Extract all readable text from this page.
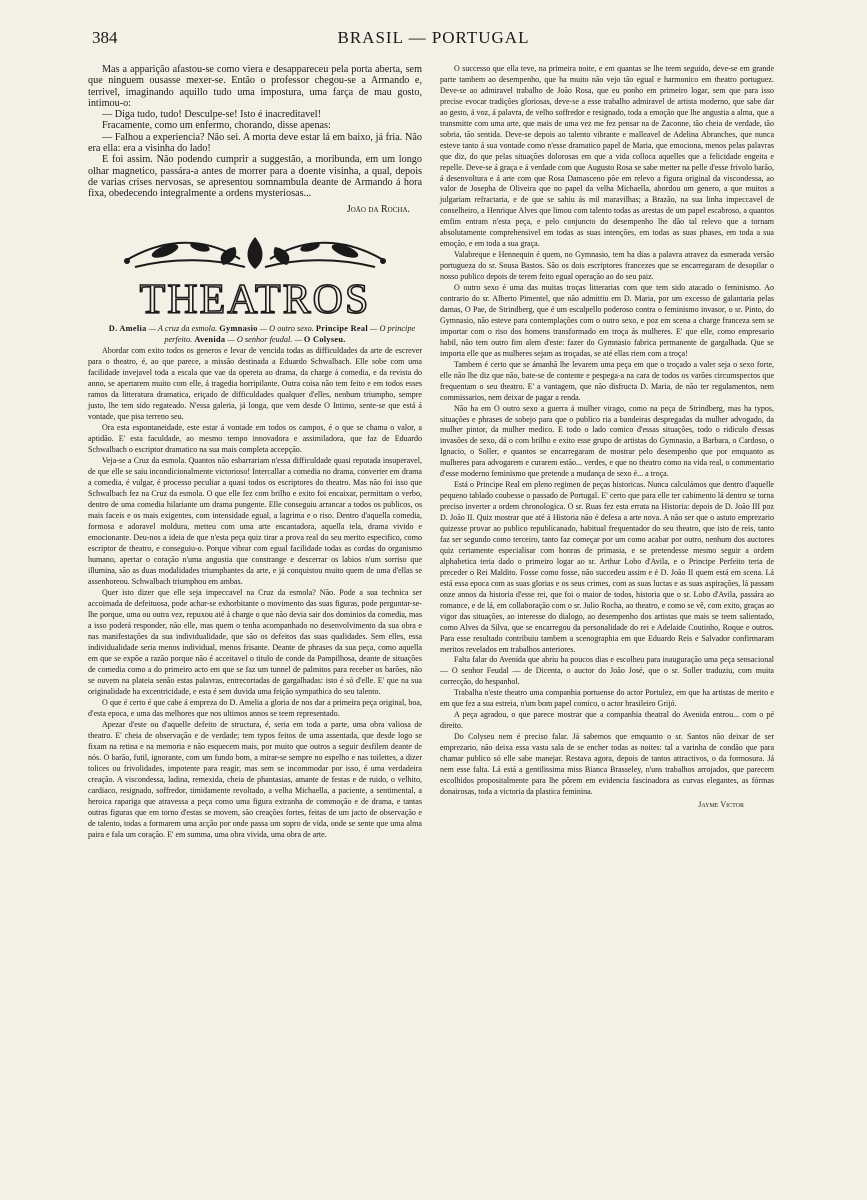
384	BRASIL — PORTUGAL

Mas a apparição afastou-se como viera e desappareceu pela porta aberta, sem que ninguem ousasse mexer-se. Então o professor chegou-se a Armando e, terrivel, imaginando aquillo tudo uma impostura, uma farça de mau gosto, intimou-o:

— Diga tudo, tudo! Desculpe-se! Isto é inacreditavel!

Fracamente, como um enfermo, chorando, disse apenas:

— Falhou a experiencia? Não sei. A morta deve estar lá em baixo, já fria. Não era ella: era a visinha do lado!

E foi assim. Não podendo cumprir a suggestão, a moribunda, em um longo olhar magnetico, passára-a antes de morrer para a doente visinha, a qual, depois de varias crises nervosas, se apresentou somnambula deante de Armando á hora fixa, obedecendo integralmente a ordens mysteriosas...

João da Rocha.
THEATROS

D. Amelia — A cruz da esmola. Gymnasio — O outro sexo. Principe Real — O principe perfeito. Avenida — O senhor feudal. — O Colyseu.

Abordar com exito todos os generos e levar de vencida todas as difficuldades da arte de escrever para o theatro, é, ao que parece, a missão destinada a Eduardo Schwalbach. Elle sobe com uma facilidade invejavel toda a escala que vae da opereta ao drama, da charge á comedia, e da revista do anno, se apertarem muito com elle, á tragedia horripilante. Outra coisa não tem feito e em todos esses ramos da litteratura dramatica, eriçado de difficuldades qualquer d'elles, nenhum triumpho, sempre justo, lhe tem sido regateado. N'essa galeria, já longa, que vem desde O Intimo, sente-se que está á vontade, que pisa terreno seu.

Ora esta espontaneidade, este estar á vontade em todos os campos, é o que se chama o valor, a aptidão. E' esta faculdade, ao mesmo tempo innovadora e assimiladora, que faz de Eduardo Schwalbach o escriptor dramatico na sua mais completa accepção.

Veja-se a Cruz da esmola. Quantos não esbarrariam n'essa difficuldade quasi reputada insuperavel, de que elle se saiu incondicionalmente victorioso! Intercallar a comedia no drama, converter em drama a comedia, é vulgar, é processo peculiar a quasi todos os escriptores do theatro. Mas não foi isso que Schwalbach fez na Cruz da esmola. O que elle fez com brilho e exito foi encaixar, permittam o verbo, dentro de uma comedia hilariante um drama pungente. Elle conseguiu arrancar a todos os publicos, os mais faceis e os mais exigentes, com intensidade egual, a lagrima e o riso. Dentro d'aquella comedia, formosa e adoravel moldura, metteu com uma arte encantadora, aquella tela, drama vivido e emocionante. Deu-nos a ideia de que n'esta peça quiz tirar a prova real do seu merito especifico, como escriptor de theatro, e conseguiu-o. Porque vibrar com egual facilidade todas as cordas do organismo humano, apertar o coração n'uma angustia que constrange e descerrar os labios n'um sorriso que illumina, são as duas modalidades triumphantes da arte, e já conquistou muito quem de uma d'ellas se assenhoreou. Schwalbach triumphou em ambas.

Quer isto dizer que elle seja impeccavel na Cruz da esmola? Não. Pode a sua technica ser accoimada de defeituosa, pode achar-se exhorbitante o movimento das suas figuras, pode perguntar-se-lhe porque, uma ou outra vez, repuxou até á charge o que não devia sair dos dominios da comedia, mas a isso poderá responder, não elle, mas quem o tenha acompanhado no desenvolvimento da sua obra e nas manifestações da sua individualidade, que são os defeitos das suas qualidades. Sem elles, essa individualidade seria menos individual, menos frisante. Deante de phrases da sua peça, como aquella em que se expõe a razão porque não é acceitavel o titulo de conde da Pampilhosa, deante de situações de comedia como a do primeiro acto em que se faz um tunnel de palmitos para receber os barões, não se ouvem na plateia senão estas palavras, entrecortadas de gargalhadas: isto é só d'elle. E' que na sua originalidade ha excentricidade, e esta é sem duvida uma feição sympathica do seu talento.

O que é certo é que cabe á empreza do D. Amelia a gloria de nos dar a primeira peça original, boa, d'esta epoca, e uma das melhores que nos ultimos annos se teem representado.

Apezar d'este ou d'aquelle defeito de structura, é, seria em toda a parte, uma obra valiosa de theatro. E' cheia de observação e de verdade; tem typos feitos de uma assentada, que desde logo se fixam na retina e na memoria e não esquecem mais, por muito que outros a seguir desfilem deante de nós. O barão, futil, ignorante, com um fundo bom, a mirar-se sempre no espelho e nas toilettes, a dizer tolices ou frivolidades, impotente para reagir, mas sem se incommodar por isso, é uma verdadeira creação. A viscondessa, ladina, remexida, cheia de phantasias, amante de festas e de ruido, o velhito, cardiaco, resignado, soffredor, timidamente revoltado, a velha Michaella, a paciente, a sentimental, a heroica rapariga que atravessa a peça como uma figura extranha de commoção e de drama, e tantas outras figuras que em torno d'estas se movem, são creações fortes, feitas de um jacto de observação e de talento, todas a formarem uma acção por onde passa um sopro de vida, onde se sente que uma alma paira e fala um coração. E' em summa, uma obra vivida, uma obra de arte.

O successo que ella teve, na primeira noite, e em quantas se lhe teem seguido, deve-se em grande parte tambem ao desempenho, que ha muito não vejo tão egual e harmonico em theatro portuguez. Deve-se ao admiravel trabalho de João Rosa, que eu ponho em primeiro logar, sem que para isso precise evocar tradições gloriosas, deve-se a esse trabalho admiravel de artista moderno, que sabe dar ao gesto, á voz, á palavra, de velho soffredor e resignado, toda a emoção que lhe angustia a alma, que a transmitte com uma arte, que mais de uma vez me fez pensar na de Zaconne, tão cheia de verdade, tão sobria, tão sentida. Deve-se depois ao talento vibrante e malleavel de Adelina Abranches, que nunca esteve tanto á sua vontade como n'esse dramatico papel de Maria, que emociona, menos pelas palavras que diz, do que pelas situações dolorosas em que a vida colloca aquelles que a felicidade engeita e repelle. Deve-se á graça e á verdade com que Augusto Rosa se sabe metter na pelle d'esse frivolo barão, á desenvoltura e á arte com que Rosa Damasceno põe em relevo a figura original da viscondessa, ao valor de Josepha de Oliveira que no papel da velha Michaella, abordou um genero, a que muitos a julgariam refractaria, e de que se sahiu ás mil maravilhas; a Brazão, na sua linha impeccavel de conselheiro, a Henrique Alves que limou com talento todas as arestas de um papel escabroso, a quantos emfim entram n'esta peça, e pelo conjuncto do desempenho lhe dão tal relevo que a tornam absolutamente comprehensivel em todas as suas intenções, em todas as suas phases, em toda a sua emoção, e em toda a sua graça.

Valabreque e Hennequin é quem, no Gymnasio, tem ha dias a palavra atravez da esmerada versão portugueza do sr. Sousa Bastos. São os dois escriptores francezes que se encarregaram de desopilar o nosso publico depois de terem feito egual operação ao do seu paiz.

O outro sexo é uma das muitas troças litterarias com que tem sido atacado o feminismo. Ao contrario do sr. Alberto Pimentel, que não admittiu em D. Maria, por um excesso de galantaria pelas damas, O Pae, de Strindberg, que é um escalpello poderoso contra o feminismo invasor, o sr. Pinto, do Gymnasio, não esteve para contemplações com o outro sexo, e poz em scena a charge franceza sem se importar com o riso dos homens transformado em troça ás mulheres. E' que elle, como empresario habil, não tem outro fim alem d'este: fazer do Gymnasio fabrica permanente de gargalhada. Que se importa elle que as mulheres sejam as troçadas, se até ellas riem com a troça!

Tambem é certo que se ámanhã lhe levarem uma peça em que o troçado a valer seja o sexo forte, elle não lhe diz que não, bate-se de contente e pespega-a na cara de todos os varões circumspectos que frequentam o seu theatro. E' a vantagem, que não disfructa D. Maria, de não ter regulamentos, nem commissarios, nem deixar de pagar a renda.

Não ha em O outro sexo a guerra á mulher virago, como na peça de Strindberg, mas ha typos, situações e phrases de sobejo para que o publico ria a bandeiras despregadas da mulher advogado, da mulher pintor, da mulher medico. E todo o lado comico d'essas situações, todo o ridiculo d'essas invasões de sexo, dá o com brilho e exito esse grupo de artistas do Gymnasio, a Barbara, o Cardoso, o Ignacio, o Soller, e quantos se encarregaram de mostrar pelo desempenho que por emquanto as mulheres para advogarem e curarem estão... verdes, e que no theatro como na vida real, o commentario d'esse moderno feminismo que pretende a mudança de sexo é... a troça.

Está o Principe Real em pleno regimen de peças historicas. Nunca calculámos que dentro d'aquelle pequeno tablado coubesse o passado de Portugal. E' certo que para elle ter cabimento lá dentro se torna preciso inverter a ordem chronologica. O sr. Ruas fez esta errata na Historia: depois de D. João III poz D. João II. Quiz mostrar que até á Historia não é defesa a arte nova. A não ser que o astuto emprezario quizesse provar ao publico republicanado, habitual frequentador do seu theatro, que isto de reis, tanto faz ser segundo como terceiro, tanto faz começar por um como acabar por outro, nenhum dos auctores quiz certamente especialisar com honras de primasia, e se pretendesse mesmo seguir a ordem alphabetica teria dado o primeiro logar ao sr. Arthur Lobo d'Avila, e o Principe Perfeito teria de preceder o Rei Maldito. Fosse como fosse, não succedeu assim e é D. João II quem está em scena. Lá está essa epoca com as suas glorias e os seus crimes, com as suas luctas e as suas aspirações, lá passam onze annos da historia d'esse rei, que foi o maior de todos, historia que o sr. Lobo d'Avila, passára ao romance, e de lá, em collaboração com o sr. Julio Rocha, ao theatro, e como se vê, com exito, graças ao vigor das situações, ao interesse do dialogo, ao desempenho dos artistas que mais se teem salientado, como Alves da Silva, que se encarregou da personalidade do rei e Adelaide Coutinho, Roque e outros. Para esse resultado contribuiu tambem a scenographia em que Eduardo Reis e Salvador confirmaram meritos revelados em trabalhos anteriores.

Falta falar do Avenida que abriu ha poucos dias e escolheu para inauguração uma peça sensacional — O senhor Feudal — de Dicenta, o auctor do João José, que o sr. Soller traduziu, com muita correcção, do hespanhol.

Trabalha n'este theatro uma companhia portuense do actor Portulez, em que ha artistas de merito e em que fez a sua estreia, n'um bom papel comico, o actor brasileiro Grijó.

A peça agradou, o que parece mostrar que a companhia theatral do Avenida entrou... com o pé direito.

Do Colyseu nem é preciso falar. Já sabemos que emquanto o sr. Santos não deixar de ser emprezario, não deixa essa vasta sala de se encher todas as noites: tal a varinha de condão que para chamar publico só elle sabe manejar. Restava agora, depois de tantos attractivos, o da formosura. Já nem esse falta. Lá está a gentilissima miss Bianca Brasseley, n'uns trabalhos arrojados, que parecem escolhidos propositalmente para lhe pôrem em evidencia fascinadora as curvas elegantes, as fórmas donairosas, toda a victoria da plastica feminina.

Jayme Victor
